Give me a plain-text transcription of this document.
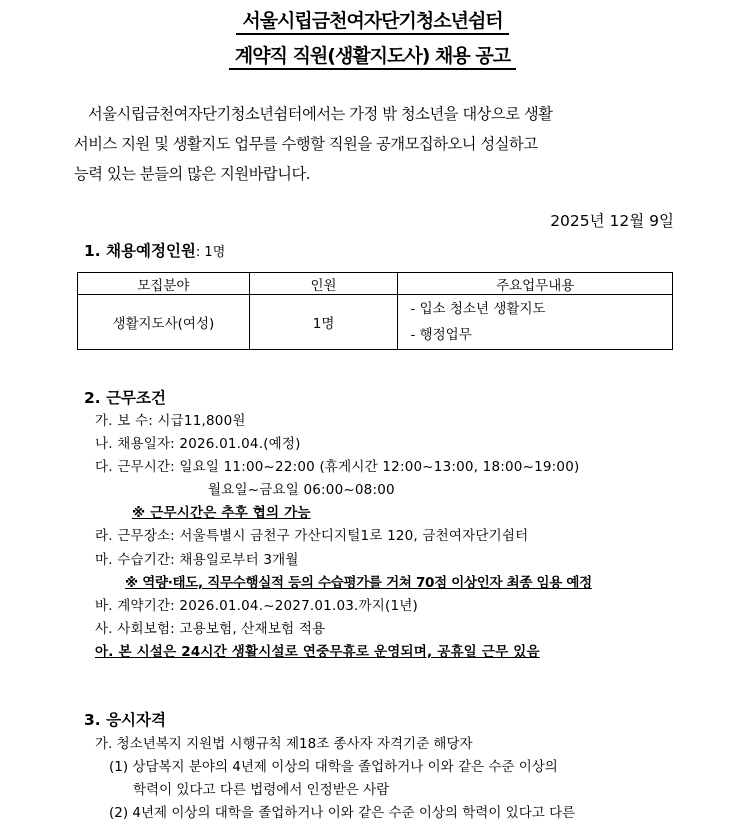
서울시립금천여자단기청소년쉼터
계약직 직원(생활지도사) 채용 공고
서울시립금천여자단기청소년쉼터에서는 가정 밖 청소년을 대상으로 생활
서비스 지원 및 생활지도 업무를 수행할 직원을 공개모집하오니 성실하고
능력 있는 분들의 많은 지원바랍니다.
2025년 12월 9일
1. 채용예정인원: 1명
모집분야	인원	주요업무내용
생활지도사(여성)	1명	- 입소 청소년 생활지도
- 행정업무
2. 근무조건
가. 보 수: 시급11,800원
나. 채용일자: 2026.01.04.(예정)
다. 근무시간: 일요일 11:00~22:00 (휴게시간 12:00~13:00, 18:00~19:00)
월요일~금요일 06:00~08:00
※ 근무시간은 추후 협의 가능
라. 근무장소: 서울특별시 금천구 가산디지털1로 120, 금천여자단기쉼터
마. 수습기간: 채용일로부터 3개월
※ 역량·태도, 직무수행실적 등의 수습평가를 거쳐 70점 이상인자 최종 임용 예정
바. 계약기간: 2026.01.04.~2027.01.03.까지(1년)
사. 사회보험: 고용보험, 산재보험 적용
아. 본 시설은 24시간 생활시설로 연중무휴로 운영되며, 공휴일 근무 있음
3. 응시자격
가. 청소년복지 지원법 시행규칙 제18조 종사자 자격기준 해당자
(1) 상담복지 분야의 4년제 이상의 대학을 졸업하거나 이와 같은 수준 이상의
학력이 있다고 다른 법령에서 인정받은 사람
(2) 4년제 이상의 대학을 졸업하거나 이와 같은 수준 이상의 학력이 있다고 다른
